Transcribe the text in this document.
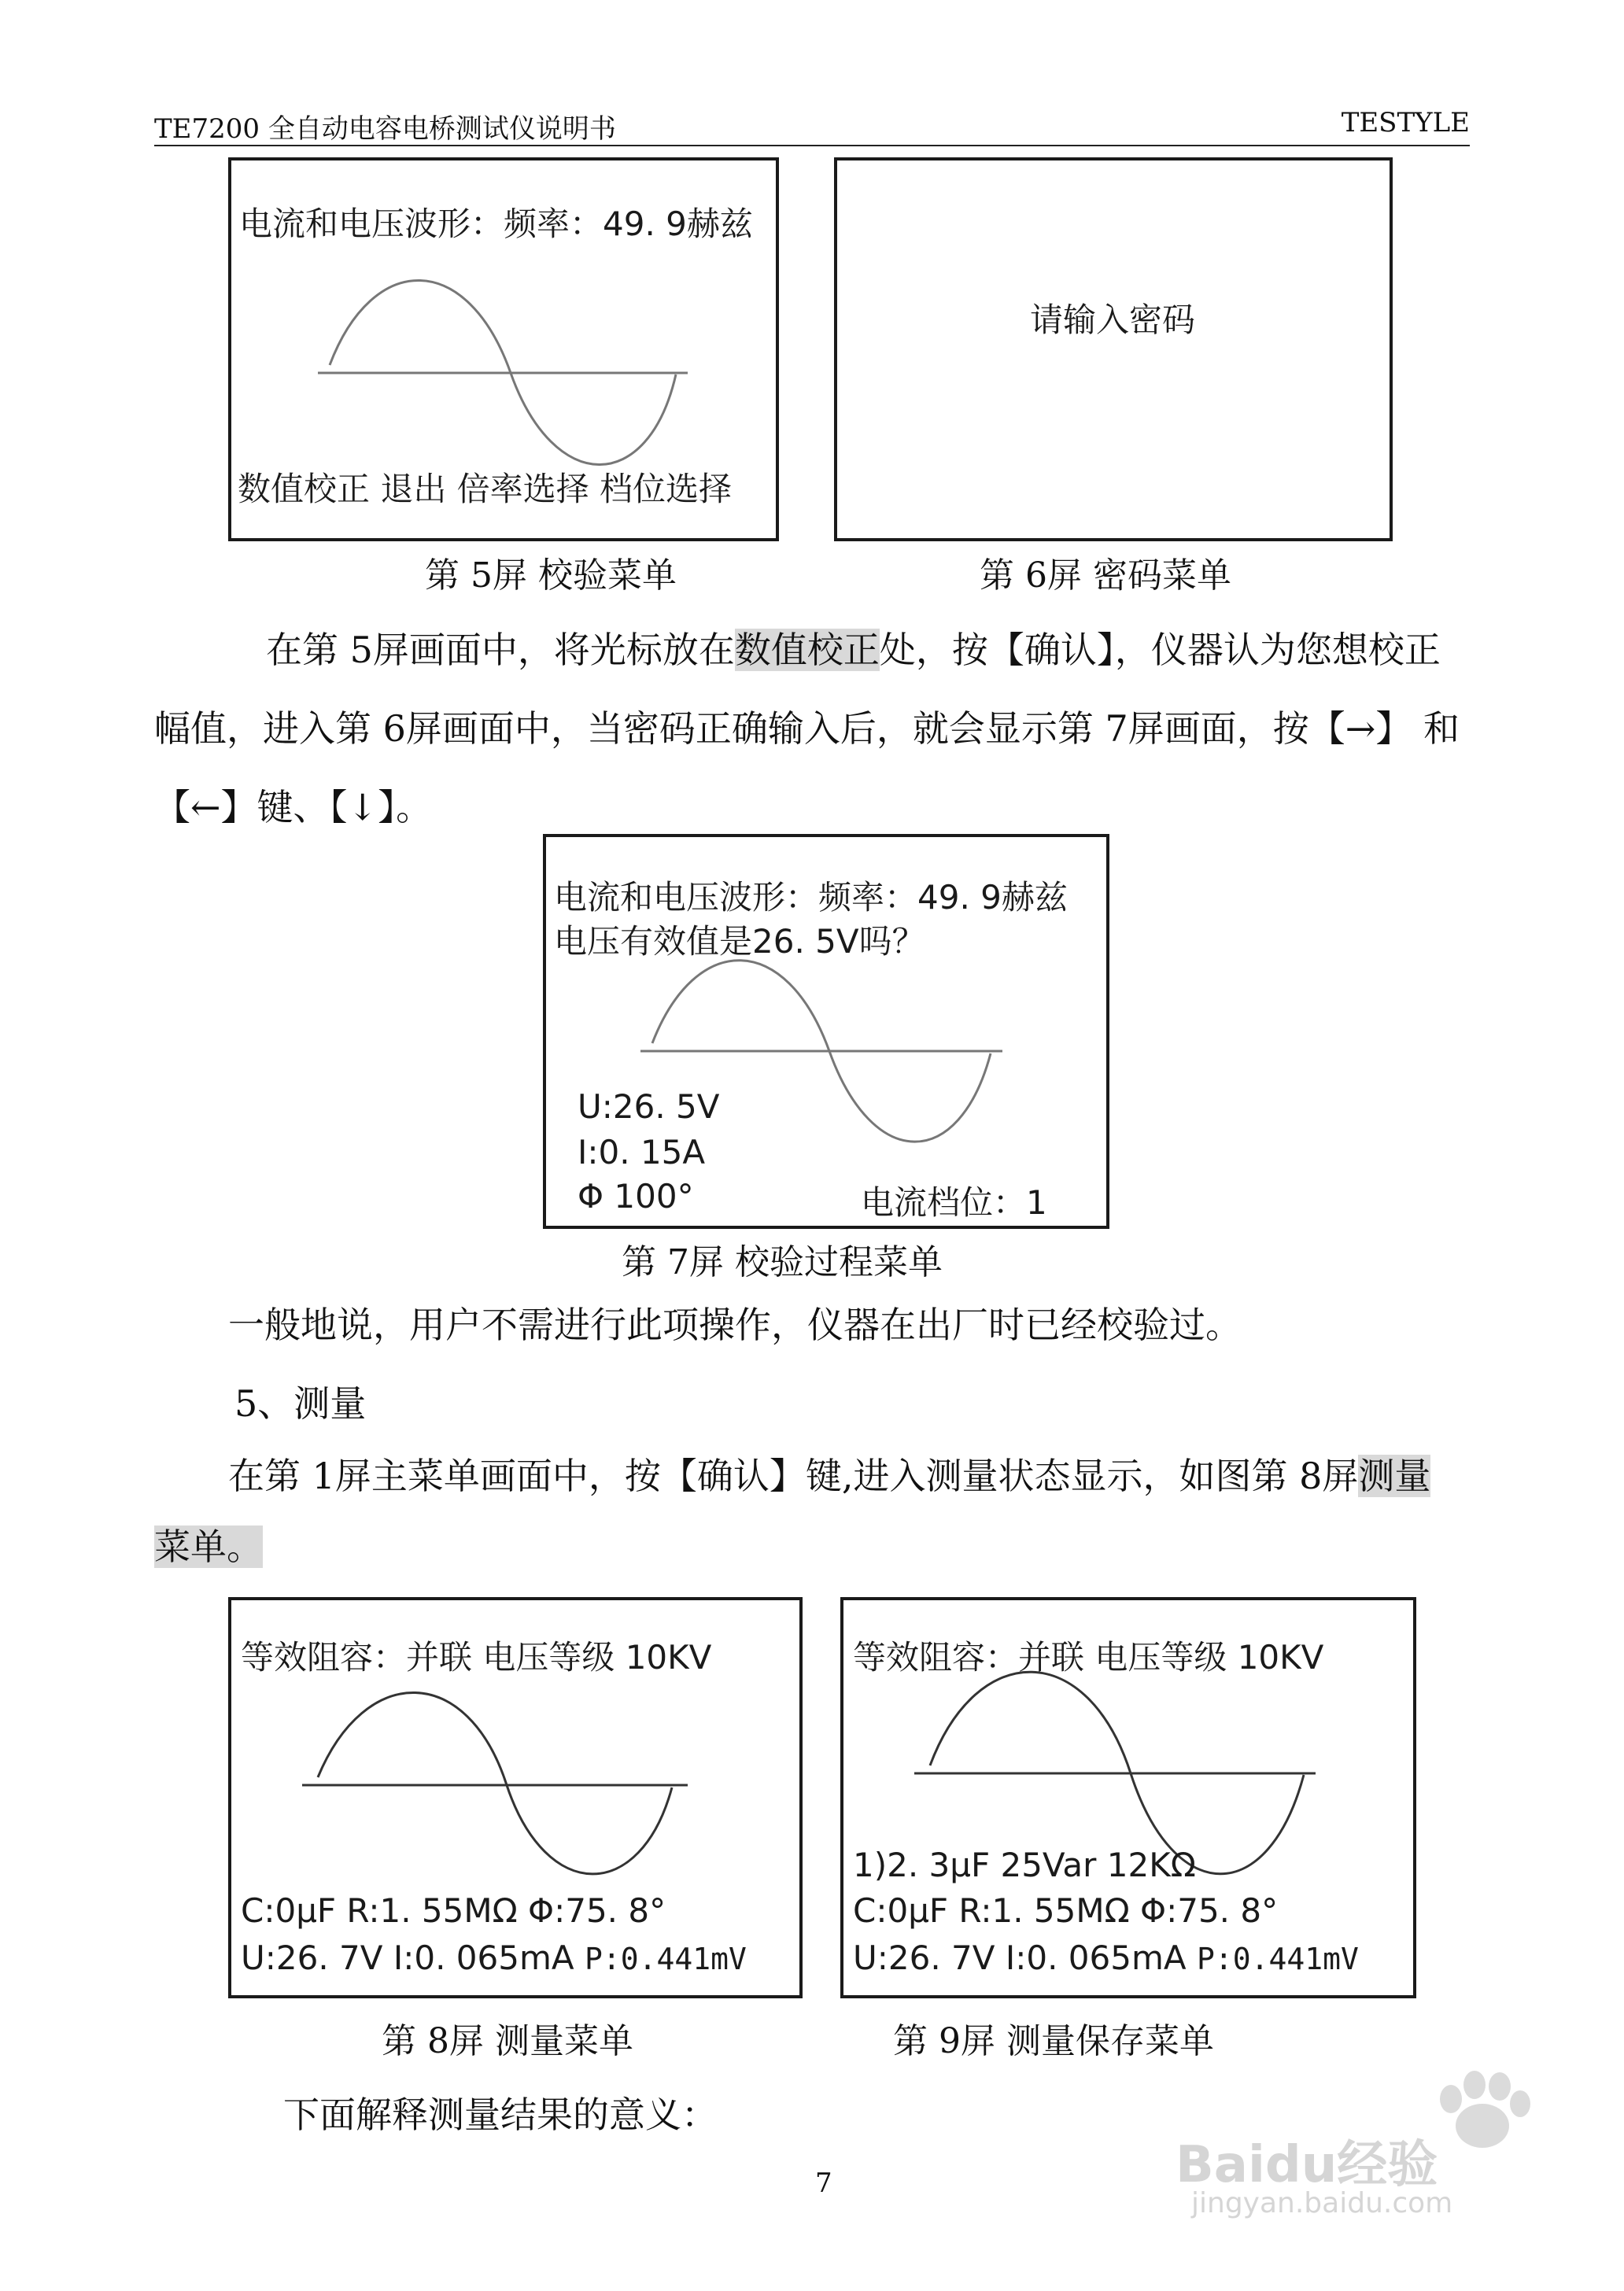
TE7200 全自动电容电桥测试仪说明书	TESTYLE
电流和电压波形：频率：49. 9赫兹
数值校正 退出 倍率选择 档位选择
请输入密码
第 5屏 校验菜单	第 6屏 密码菜单
在第 5屏画面中，将光标放在数值校正处，按【确认】，仪器认为您想校正
幅值，进入第 6屏画面中，当密码正确输入后，就会显示第 7屏画面，按【→】 和
【←】键、【↓】。
电流和电压波形：频率：49. 9赫兹
电压有效值是26. 5V吗？
U:26. 5V
I:0. 15A
Φ 100°	电流档位：1
第 7屏 校验过程菜单
一般地说，用户不需进行此项操作，仪器在出厂时已经校验过。
5、测量
在第 1屏主菜单画面中，按【确认】键,进入测量状态显示，如图第 8屏测量
菜单。
等效阻容：并联 电压等级 10KV
C:0μF R:1. 55MΩ Φ:75. 8°
U:26. 7V I:0. 065mA P:0.441mV
等效阻容：并联 电压等级 10KV
1)2. 3μF 25Var 12KΩ
C:0μF R:1. 55MΩ Φ:75. 8°
U:26. 7V I:0. 065mA P:0.441mV
第 8屏 测量菜单	第 9屏 测量保存菜单
下面解释测量结果的意义：
7	Baidu经验
jingyan.baidu.com
